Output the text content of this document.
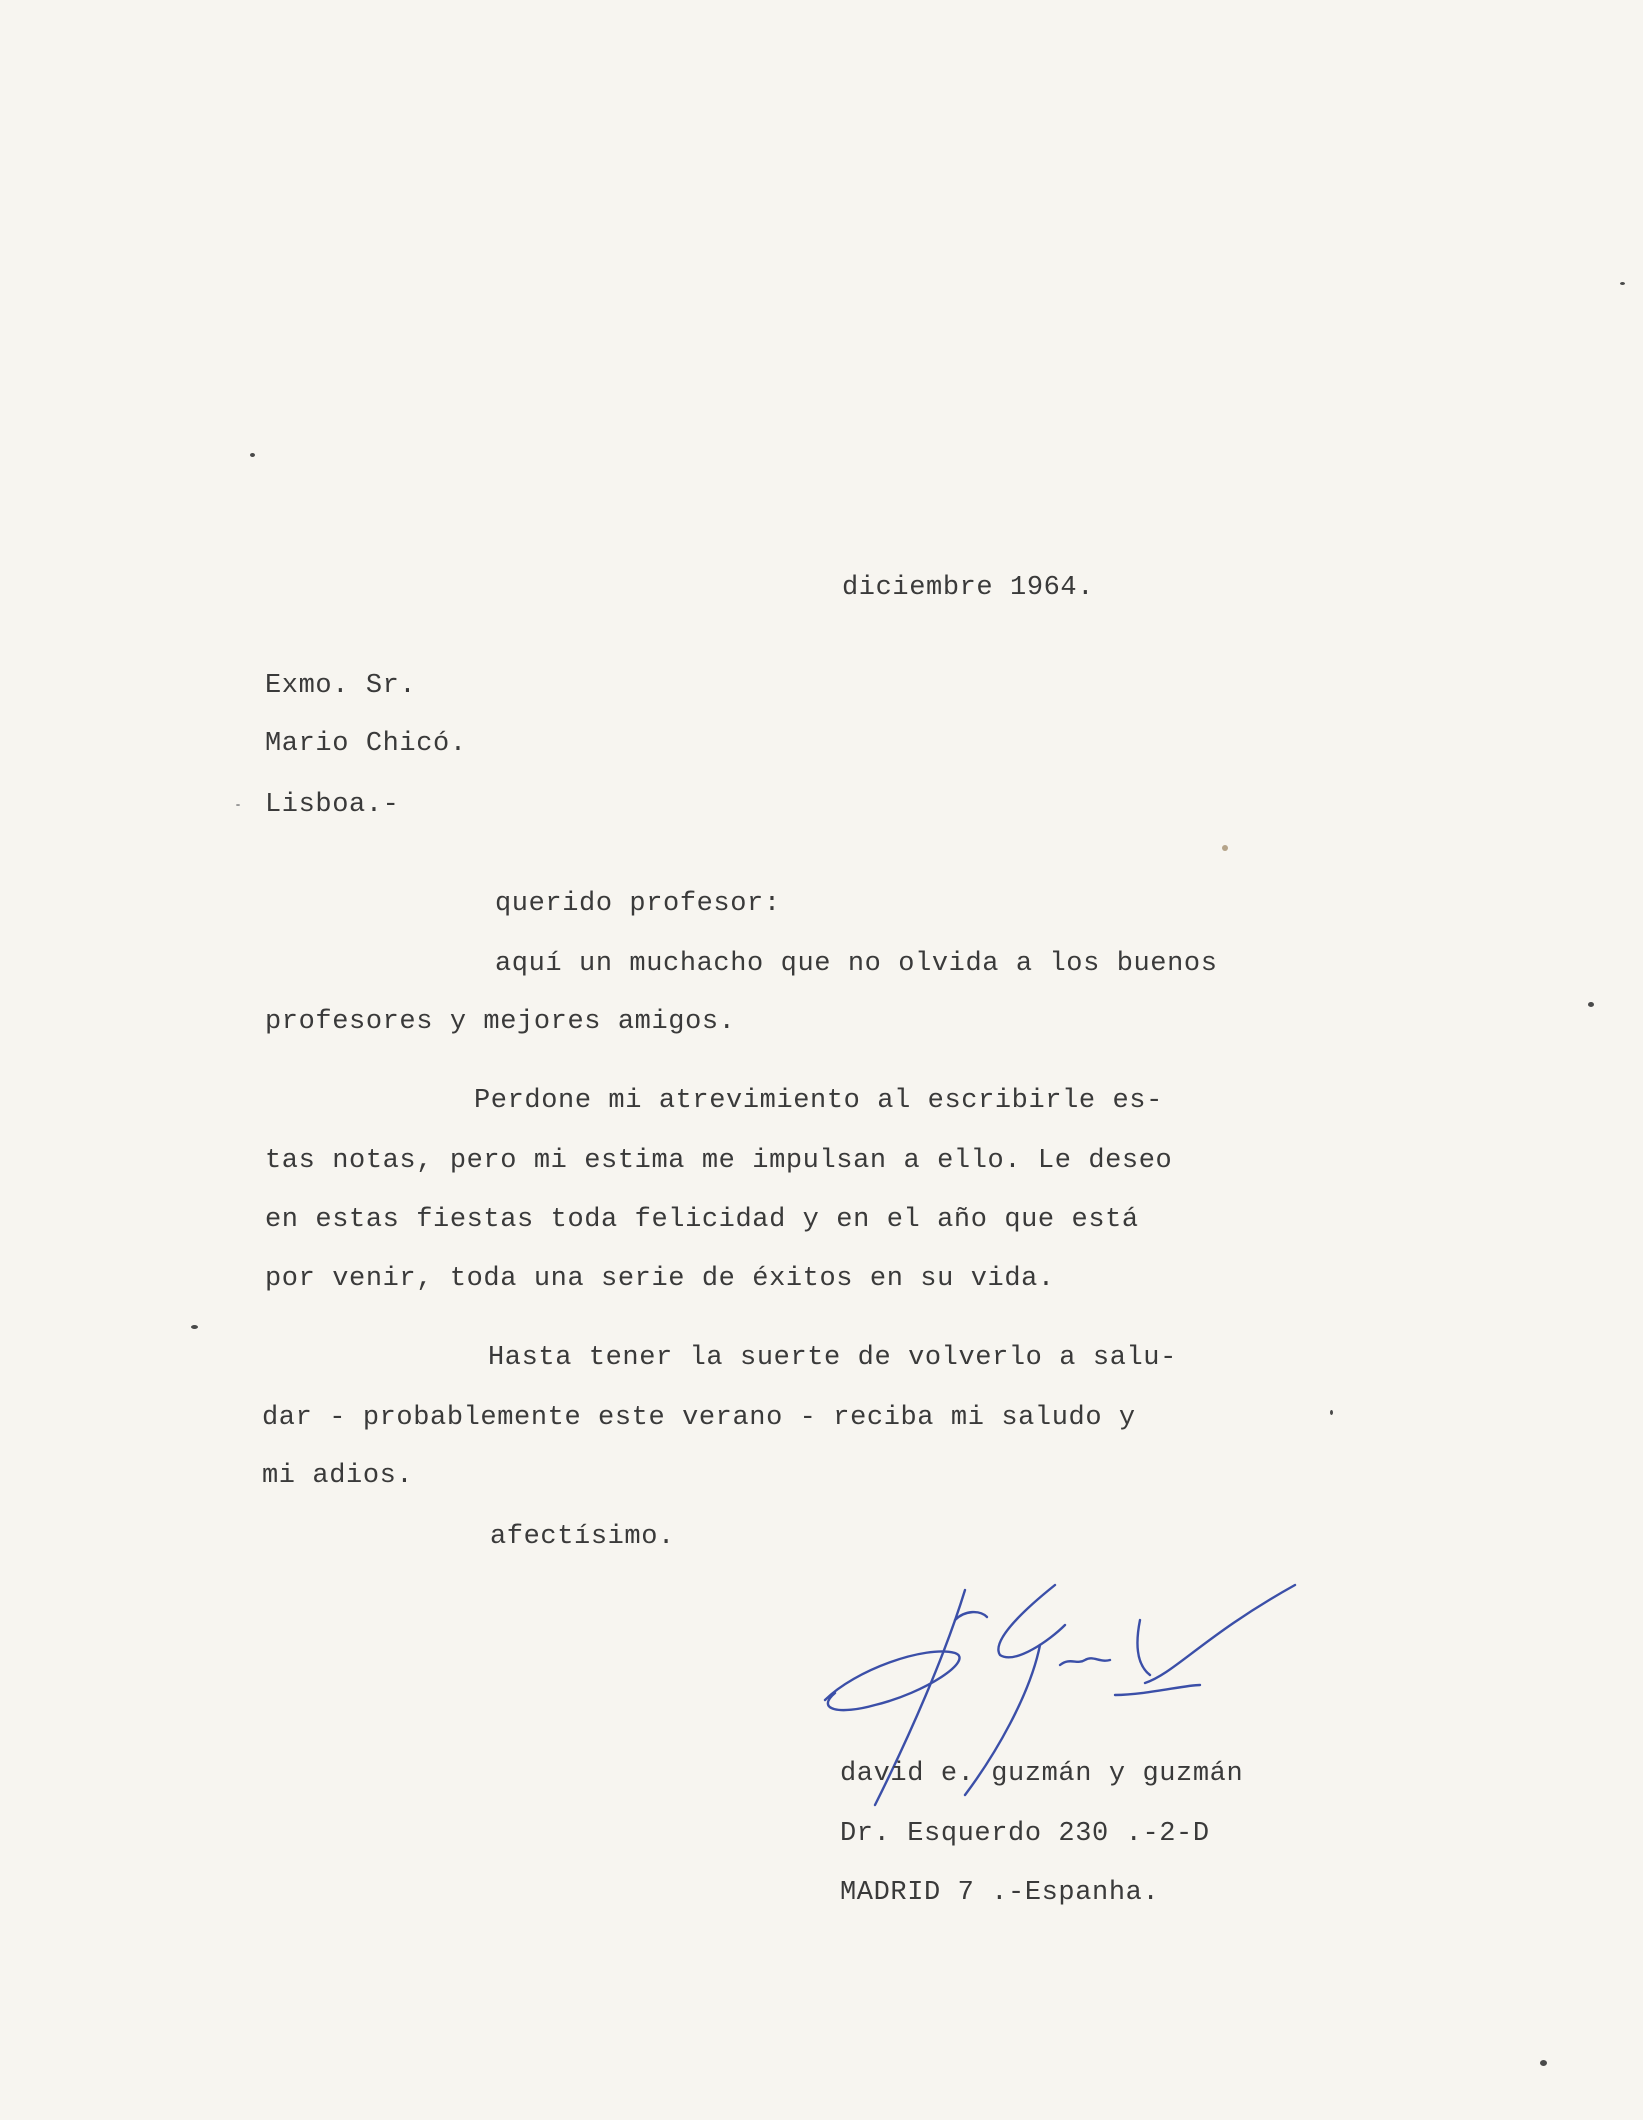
diciembre 1964.
Exmo. Sr.
Mario Chicó.
Lisboa.-
querido profesor:
aquí un muchacho que no olvida a los buenos
profesores y mejores amigos.
Perdone mi atrevimiento al escribirle es-
tas notas, pero mi estima me impulsan a ello. Le deseo
en estas fiestas toda felicidad y en el año que está
por venir, toda una serie de éxitos en su vida.
Hasta tener la suerte de volverlo a salu-
dar - probablemente este verano - reciba mi saludo y
mi adios.
afectísimo.
david e. guzmán y guzmán
Dr. Esquerdo 230 .-2-D
MADRID 7 .-Espanha.
